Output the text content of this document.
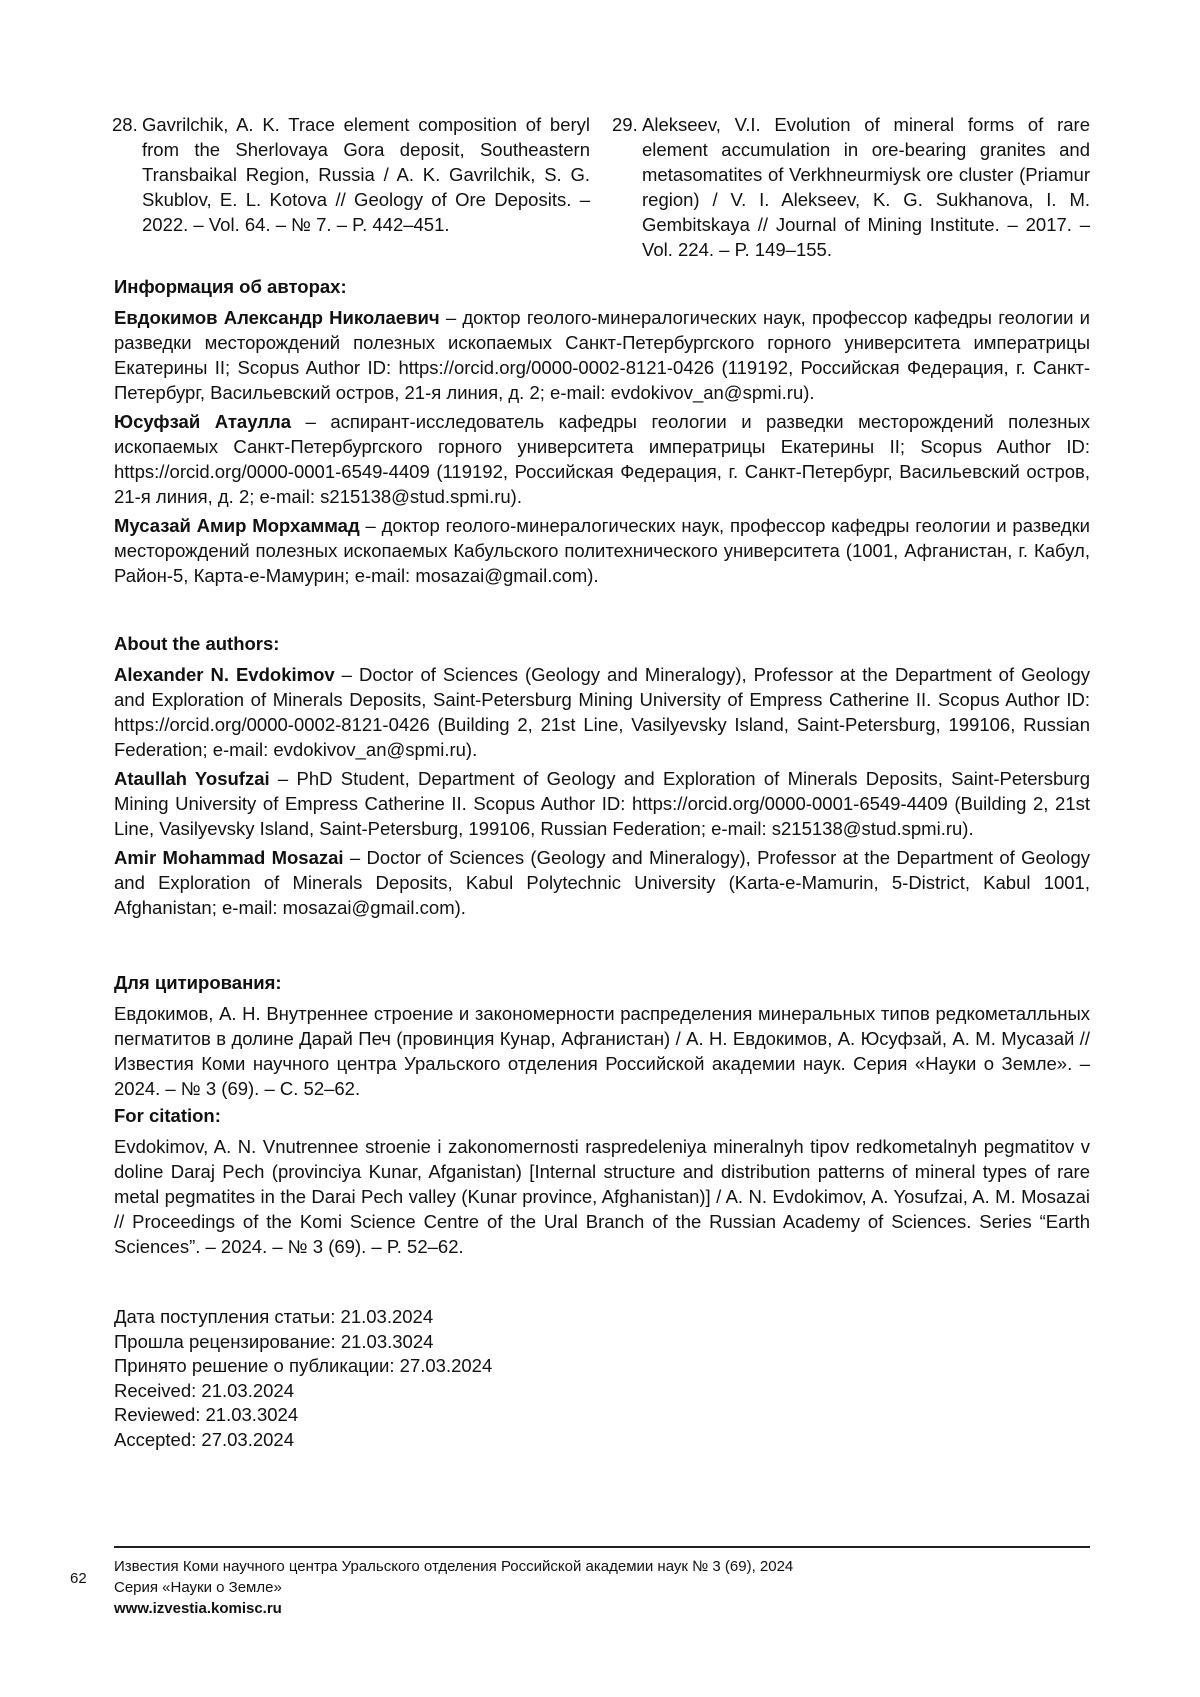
28. Gavrilchik, A. K. Trace element composition of beryl from the Sherlovaya Gora deposit, Southeastern Transbaikal Region, Russia / A. K. Gavrilchik, S. G. Skublov, E. L. Kotova // Geology of Ore Deposits. – 2022. – Vol. 64. – № 7. – P. 442–451.
29. Alekseev, V.I. Evolution of mineral forms of rare element accumulation in ore-bearing granites and metasomatites of Verkhneurmiysk ore cluster (Priamur region) / V. I. Alekseev, K. G. Sukhanova, I. M. Gembitskaya // Journal of Mining Institute. – 2017. – Vol. 224. – P. 149–155.
Информация об авторах:
Евдокимов Александр Николаевич – доктор геолого-минералогических наук, профессор кафедры геологии и разведки месторождений полезных ископаемых Санкт-Петербургского горного университета императрицы Екатерины II; Scopus Author ID: https://orcid.org/0000-0002-8121-0426 (119192, Российская Федерация, г. Санкт-Петербург, Васильевский остров, 21-я линия, д. 2; e-mail: evdokivov_an@spmi.ru).
Юсуфзай Атаулла – аспирант-исследователь кафедры геологии и разведки месторождений полезных ископаемых Санкт-Петербургского горного университета императрицы Екатерины II; Scopus Author ID: https://orcid.org/0000-0001-6549-4409 (119192, Российская Федерация, г. Санкт-Петербург, Васильевский остров, 21-я линия, д. 2; e-mail: s215138@stud.spmi.ru).
Мусазай Амир Морхаммад – доктор геолого-минералогических наук, профессор кафедры геологии и разведки месторождений полезных ископаемых Кабульского политехнического университета (1001, Афганистан, г. Кабул, Район-5, Карта-е-Мамурин; e-mail: mosazai@gmail.com).
About the authors:
Alexander N. Evdokimov – Doctor of Sciences (Geology and Mineralogy), Professor at the Department of Geology and Exploration of Minerals Deposits, Saint-Petersburg Mining University of Empress Catherine II. Scopus Author ID: https://orcid.org/0000-0002-8121-0426 (Building 2, 21st Line, Vasilyevsky Island, Saint-Petersburg, 199106, Russian Federation; e-mail: evdokivov_an@spmi.ru).
Ataullah Yosufzai – PhD Student, Department of Geology and Exploration of Minerals Deposits, Saint-Petersburg Mining University of Empress Catherine II. Scopus Author ID: https://orcid.org/0000-0001-6549-4409 (Building 2, 21st Line, Vasilyevsky Island, Saint-Petersburg, 199106, Russian Federation; e-mail: s215138@stud.spmi.ru).
Amir Mohammad Mosazai – Doctor of Sciences (Geology and Mineralogy), Professor at the Department of Geology and Exploration of Minerals Deposits, Kabul Polytechnic University (Karta-e-Mamurin, 5-District, Kabul 1001, Afghanistan; e-mail: mosazai@gmail.com).
Для цитирования:
Евдокимов, А. Н. Внутреннее строение и закономерности распределения минеральных типов редкометалльных пегматитов в долине Дарай Печ (провинция Кунар, Афганистан) / А. Н. Евдокимов, А. Юсуфзай, А. М. Мусазай // Известия Коми научного центра Уральского отделения Российской академии наук. Серия «Науки о Земле». – 2024. – № 3 (69). – С. 52–62.
For citation:
Evdokimov, A. N. Vnutrennee stroenie i zakonomernosti raspredeleniya mineralnyh tipov redkometalnyh pegmatitov v doline Daraj Pech (provinciya Kunar, Afganistan) [Internal structure and distribution patterns of mineral types of rare metal pegmatites in the Darai Pech valley (Kunar province, Afghanistan)] / A. N. Evdokimov, A. Yosufzai, A. M. Mosazai // Proceedings of the Komi Science Centre of the Ural Branch of the Russian Academy of Sciences. Series “Earth Sciences”. – 2024. – № 3 (69). – P. 52–62.
Дата поступления статьи: 21.03.2024
Прошла рецензирование: 21.03.3024
Принято решение о публикации: 27.03.2024
Received: 21.03.2024
Reviewed: 21.03.3024
Accepted: 27.03.2024
62
Известия Коми научного центра Уральского отделения Российской академии наук № 3 (69), 2024
Серия «Науки о Земле»
www.izvestia.komisc.ru
